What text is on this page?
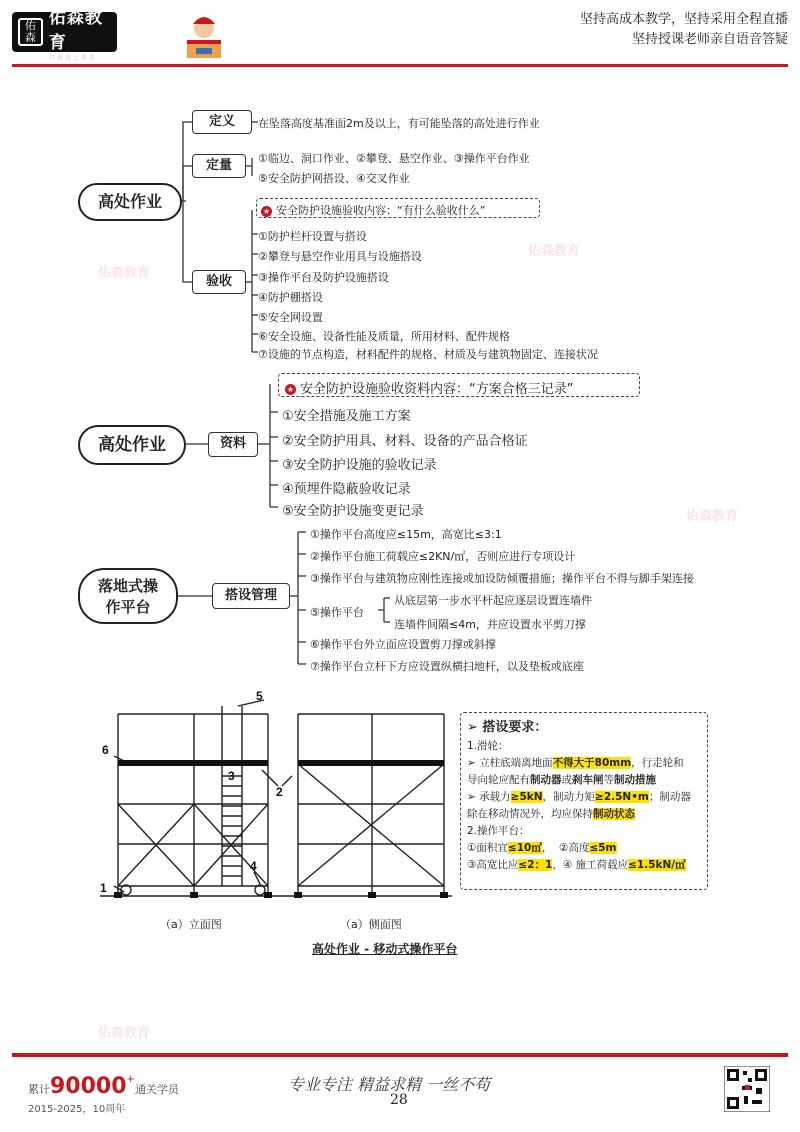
佑森
佑森教育
只做线上考培
坚持高成本教学，坚持采用全程直播
坚持授课老师亲自语音答疑
佑森教育
佑森教育
佑森教育
佑森教育
高处作业
定义	在坠落高度基准面2m及以上，有可能坠落的高处进行作业
定量	①临边、洞口作业、②攀登、悬空作业、③操作平台作业
⑤安全防护网搭设、④交叉作业
验收
★ 安全防护设施验收内容：“有什么验收什么”
①防护栏杆设置与搭设
②攀登与悬空作业用具与设施搭设
③操作平台及防护设施搭设
④防护棚搭设
⑤安全网设置
⑥安全设施、设备性能及质量，所用材料、配件规格
⑦设施的节点构造，材料配件的规格、材质及与建筑物固定、连接状况
高处作业	资料
★ 安全防护设施验收资料内容：“方案合格三记录”
①安全措施及施工方案
②安全防护用具、材料、设备的产品合格证
③安全防护设施的验收记录
④预埋件隐蔽验收记录
⑤安全防护设施变更记录
落地式操
作平台
搭设管理
①操作平台高度应≤15m，高宽比≤3:1
②操作平台施工荷载应≤2KN/㎡，否则应进行专项设计
③操作平台与建筑物应刚性连接或加设防倾覆措施；操作平台不得与脚手架连接
⑤操作平台
从底层第一步水平杆起应逐层设置连墙件
连墙件间隔≤4m，并应设置水平剪刀撑
⑥操作平台外立面应设置剪刀撑或斜撑
⑦操作平台立杆下方应设置纵横扫地杆，以及垫板或底座
1
2
3
4
5
6
（a）立面图	（a）侧面图
高处作业 - 移动式操作平台
➢ 搭设要求：
1.滑轮：
➢ 立柱底端离地面不得大于80mm，行走轮和
导向轮应配有制动器或刹车闸等制动措施
➢ 承载力≥5kN，制动力矩≥2.5N•m；制动器
除在移动情况外，均应保持制动状态
2.操作平台：
①面积宜≤10㎡， ②高度≤5m
③高宽比应≤2：1，④ 施工荷载应≤1.5kN/㎡
累计90000+通关学员
2015-2025，10周年
专业专注 精益求精 一丝不苟
28
